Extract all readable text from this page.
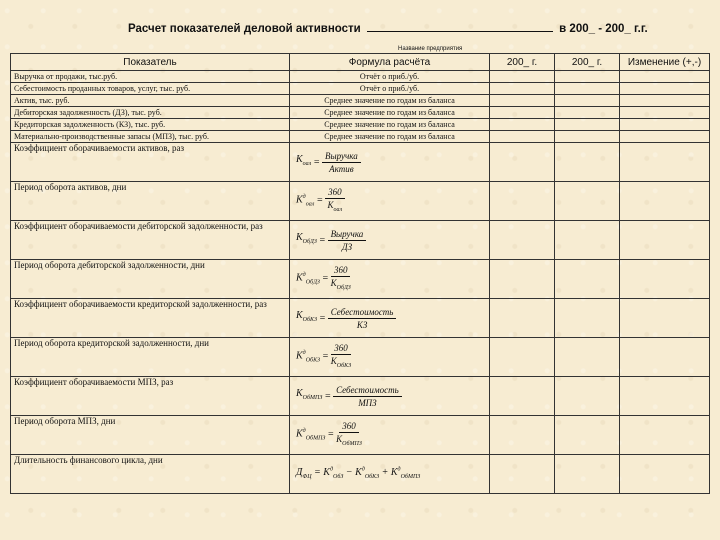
Расчет показателей деловой активности	в 200_ - 200_ г.г.
Название предприятия
Показатель	Формула расчёта	200_ г.	200_ г.	Изменение (+,-)
Выручка от продажи, тыс.руб.	Отчёт о приб./уб.			
Себестоимость проданных товаров, услуг, тыс. руб.	Отчёт о приб./уб.			
Актив, тыс. руб.	Среднее значение по годам из баланса			
Дебиторская задолженность (ДЗ), тыс. руб.	Среднее значение по годам из баланса			
Кредиторская задолженность (КЗ), тыс. руб.	Среднее значение по годам из баланса			
Материально-производственные запасы (МПЗ), тыс. руб.	Среднее значение по годам из баланса			
Коэффициент оборачиваемости активов, раз	$K_{оал} = \frac{\text{Выручка}}{\text{Актив}}$

Период оборота активов, дни	$K^д_{оал} = \frac{360}{K_{оал}}$

Коэффициент оборачиваемости дебиторской задолженности, раз	$K_{ОбДЗ} = \frac{\text{Выручка}}{ДЗ}$

Период оборота дебиторской задолженности, дни	$K^д_{ОбДЗ} = \frac{360}{K_{ОбДЗ}}$

Коэффициент оборачиваемости кредиторской задолженности, раз	$K_{ОбКЗ} = \frac{\text{Себестоимость}}{КЗ}$

Период оборота кредиторской задолженности, дни	$K^д_{ОбКЗ} = \frac{360}{K_{ОбКЗ}}$

Коэффициент оборачиваемости МПЗ, раз	$K_{ОбМПЗ} = \frac{\text{Себестоимость}}{\text{МПЗ}}$

Период оборота МПЗ, дни	$K^д_{ОбМПЗ} = \frac{360}{K_{ОбМПЗ}}$

Длительность финансового цикла, дни	$Д_{ФЦ} = K^д_{ОбЗ} - K^д_{ОбКЗ} + K^д_{ОбМПЗ}$			
